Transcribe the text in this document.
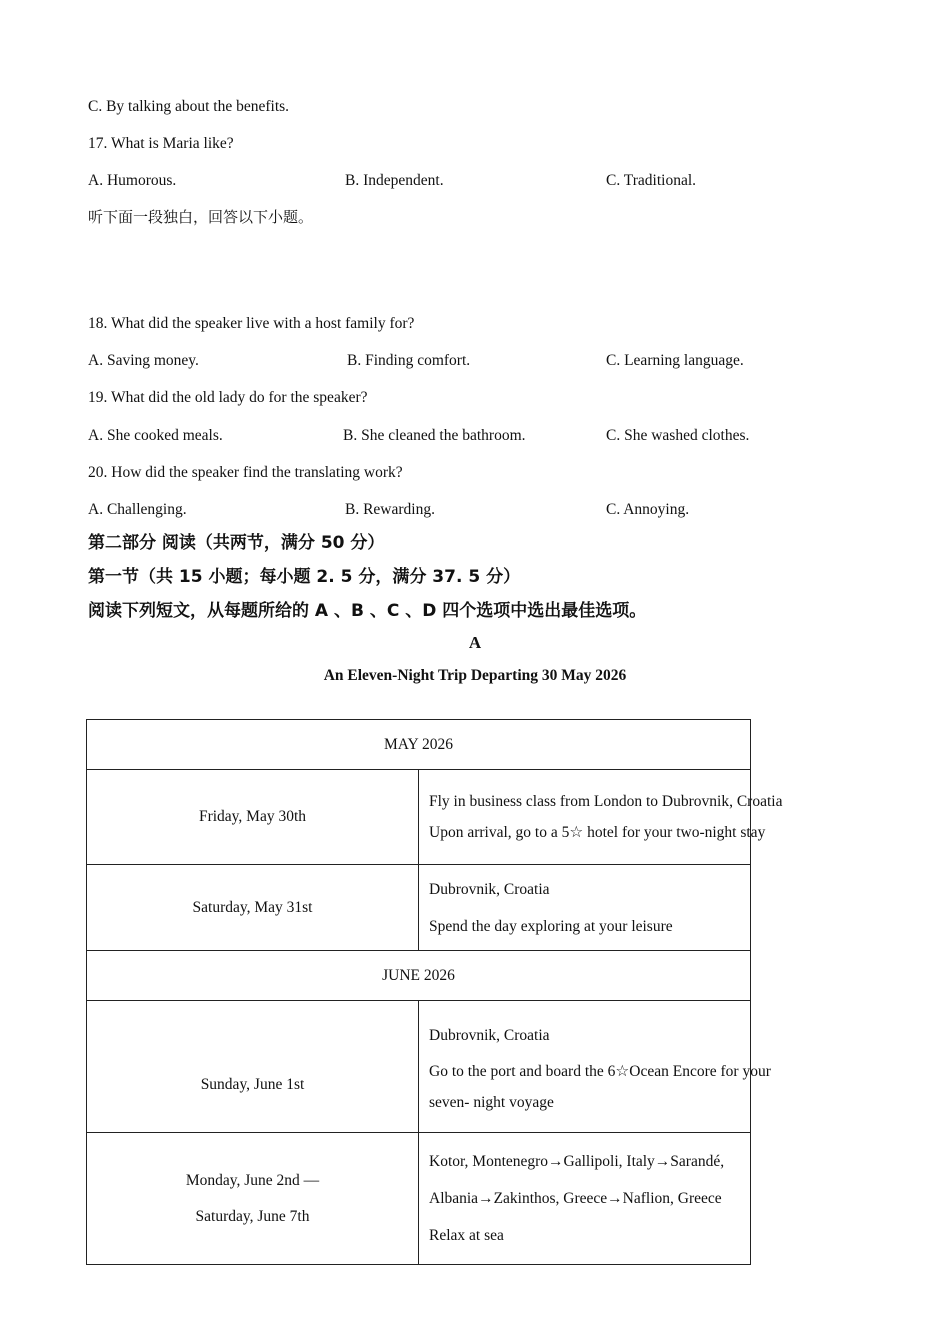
C. By talking about the benefits.
17. What is Maria like?
A. Humorous.	B. Independent.	C. Traditional.
听下面一段独白，回答以下小题。
18. What did the speaker live with a host family for?
A. Saving money.	B. Finding comfort.	C. Learning language.
19. What did the old lady do for the speaker?
A. She cooked meals.	B. She cleaned the bathroom.	C. She washed clothes.
20. How did the speaker find the translating work?
A. Challenging.	B. Rewarding.	C. Annoying.
第二部分 阅读（共两节，满分 50 分）
第一节（共 15 小题；每小题 2. 5 分，满分 37. 5 分）
阅读下列短文，从每题所给的 A 、B 、C 、D 四个选项中选出最佳选项。
A
An Eleven-Night Trip Departing 30 May 2026
MAY 2026	
Friday, May 30th	Fly in business class from London to Dubrovnik, Croatia
Upon arrival, go to a 5☆ hotel for your two-night stay

Saturday, May 31st	Dubrovnik, Croatia
Spend the day exploring at your leisure

JUNE 2026	
Sunday, June 1st	Dubrovnik, Croatia
Go to the port and board the 6☆Ocean Encore for your
seven- night voyage

Monday, June 2nd —
Saturday, June 7th	Kotor, Montenegro→Gallipoli, Italy→Sarandé,
Albania→Zakinthos, Greece→Naflion, Greece
Relax at sea
